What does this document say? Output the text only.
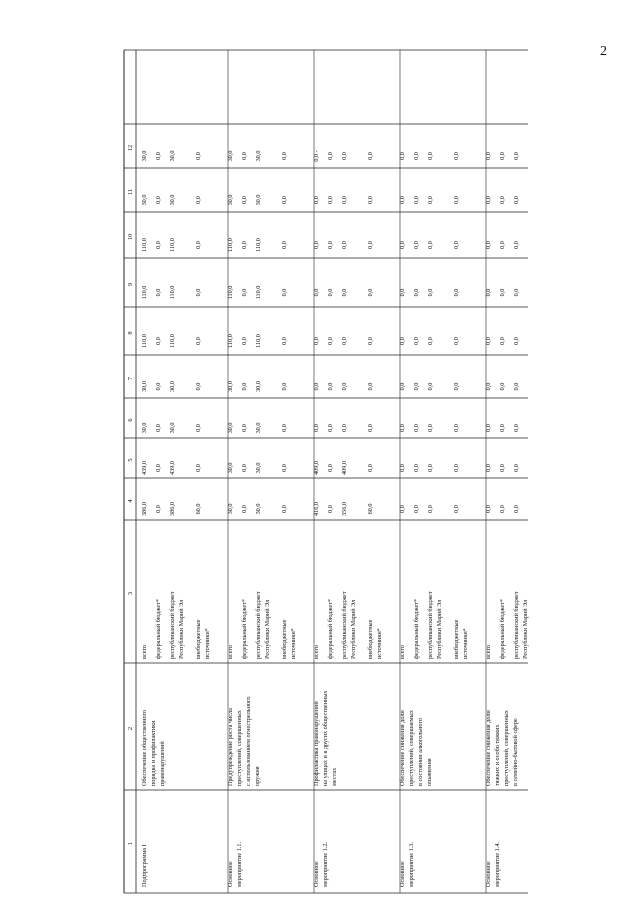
2
1
2
3
4
5
6
7
8
9
10
11
12
Подпрограмма I
Обеспечение общественного порядка и профилактики правонарушений
всего
386,0
439,0
30,0
30,0
110,0
110,0
110,0
30,0
30,0
федеральный бюджет*
0,0
0,0
0,0
0,0
0,0
0,0
0,0
0,0
0,0
республиканский бюджет Республики Марий Эл
386,0
439,0
30,0
30,0
110,0
110,0
110,0
30,0
30,0
внебюджетные источники*
60,0
0,0
0,0
0,0
0,0
0,0
0,0
0,0
0,0
Основное мероприятие 1.1.
Предупреждение роста числа преступлений, совершенных с использованием огнестрельного оружия
всего
30,0
30,0
30,0
30,0
110,0
110,0
110,0
30,0
30,0
федеральный бюджет*
0,0
0,0
0,0
0,0
0,0
0,0
0,0
0,0
0,0
республиканский бюджет Республики Марий Эл
30,0
30,0
30,0
30,0
110,0
110,0
110,0
30,0
30,0
внебюджетные источники*
0,0
0,0
0,0
0,0
0,0
0,0
0,0
0,0
0,0
Основное мероприятие 1.2.
Профилактика правонарушений на улицах и в других общественных местах
всего
416,0
409,0
0,0
0,0
0,0
0,0
0,0
0,0
0,0 -
федеральный бюджет*
0,0
0,0
0,0
0,0
0,0
0,0
0,0
0,0
0,0
республиканский бюджет Республики Марий Эл
356,0
409,0
0,0
0,0
0,0
0,0
0,0
0,0
0,0
внебюджетные источники*
60,0
0,0
0,0
0,0
0,0
0,0
0,0
0,0
0,0
Основное мероприятие 1.3.
Обеспечение снижения доли преступлений, совершаемых в состоянии алкогольного опьянения
всего
0,0
0,0
0,0
0,0
0,0
0,0
0,0
0,0
0,0
федеральный бюджет*
0,0
0,0
0,0
0,0
0,0
0,0
0,0
0,0
0,0
республиканский бюджет Республики Марий Эл
0,0
0,0
0,0
0,0
0,0
0,0
0,0
0,0
0,0
внебюджетные источники*
0,0
0,0
0,0
0,0
0,0
0,0
0,0
0,0
0,0
Основное мероприятие 1.4.
Обеспечение снижения доли тяжких и особо тяжких преступлений, совершенных в семейно-бытовой сфере
всего
0,0
0,0
0,0
0,0
0,0
0,0
0,0
0,0
0,0
федеральный бюджет*
0,0
0,0
0,0
0,0
0,0
0,0
0,0
0,0
0,0
республиканский бюджет Республики Марий Эл
0,0
0,0
0,0
0,0
0,0
0,0
0,0
0,0
0,0
